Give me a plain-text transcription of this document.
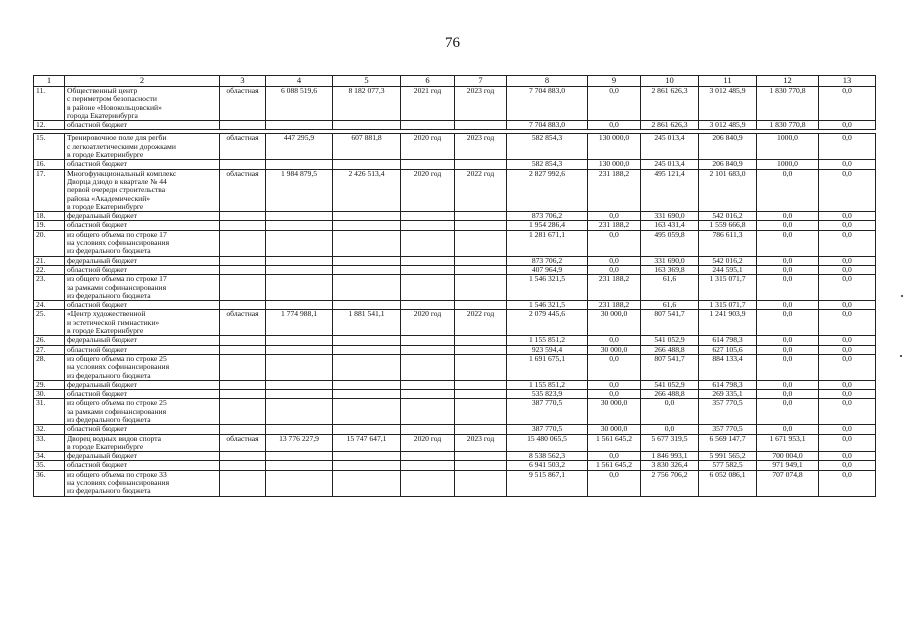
76
1	2	3	4	5	6	7	8	9	10	11	12	13
11.	Общественный центр
с периметром безопасности
в районе «Новокольцовский»
города Екатеринбурга	областная	6 088 519,6	8 182 077,3	2021 год	2023 год	7 704 883,0	0,0	2 861 626,3	3 012 485,9	1 830 770,8	0,0
12.	областной бюджет						7 704 883,0	0,0	2 861 626,3	3 012 485,9	1 830 770,8	0,0

15.	Тренировочное поле для регби
с легкоатлетическими дорожками
в городе Екатеринбурге	областная	447 295,9	607 881,8	2020 год	2023 год	582 854,3	130 000,0	245 013,4	206 840,9	1000,0	0,0
16.	областной бюджет						582 854,3	130 000,0	245 013,4	206 840,9	1000,0	0,0
17.	Многофункциональный комплекс
Дворца дзюдо в квартале № 44
первой очереди строительства
района «Академический»
в городе Екатеринбурге	областная	1 984 879,5	2 426 513,4	2020 год	2022 год	2 827 992,6	231 188,2	495 121,4	2 101 683,0	0,0	0,0
18.	федеральный бюджет						873 706,2	0,0	331 690,0	542 016,2	0,0	0,0
19.	областной бюджет						1 954 286,4	231 188,2	163 431,4	1 559 666,8	0,0	0,0
20.	из общего объема по строке 17
на условиях софинансирования
из федерального бюджета						1 281 671,1	0,0	495 059,8	786 611,3	0,0	0,0
21.	федеральный бюджет						873 706,2	0,0	331 690,0	542 016,2	0,0	0,0
22.	областной бюджет						407 964,9	0,0	163 369,8	244 595,1	0,0	0,0
23.	из общего объема по строке 17
за рамками софинансирования
из федерального бюджета						1 546 321,5	231 188,2	61,6	1 315 071,7	0,0	0,0
24.	областной бюджет						1 546 321,5	231 188,2	61,6	1 315 071,7	0,0	0,0
25.	«Центр художественной
и эстетической гимнастики»
в городе Екатеринбурге	областная	1 774 988,1	1 881 541,1	2020 год	2022 год	2 079 445,6	30 000,0	807 541,7	1 241 903,9	0,0	0,0
26.	федеральный бюджет						1 155 851,2	0,0	541 052,9	614 798,3	0,0	0,0
27.	областной бюджет						923 594,4	30 000,0	266 488,8	627 105,6	0,0	0,0
28.	из общего объема по строке 25
на условиях софинансирования
из федерального бюджета						1 691 675,1	0,0	807 541,7	884 133,4	0,0	0,0
29.	федеральный бюджет						1 155 851,2	0,0	541 052,9	614 798,3	0,0	0,0
30.	областной бюджет						535 823,9	0,0	266 488,8	269 335,1	0,0	0,0
31.	из общего объема по строке 25
за рамками софинансирования
из федерального бюджета						387 770,5	30 000,0	0,0	357 770,5	0,0	0,0
32.	областной бюджет						387 770,5	30 000,0	0,0	357 770,5	0,0	0,0
33.	Дворец водных видов спорта
в городе Екатеринбурге	областная	13 776 227,9	15 747 647,1	2020 год	2023 год	15 480 065,5	1 561 645,2	5 677 319,5	6 569 147,7	1 671 953,1	0,0
34.	федеральный бюджет						8 538 562,3	0,0	1 846 993,1	5 991 565,2	700 004,0	0,0
35.	областной бюджет						6 941 503,2	1 561 645,2	3 830 326,4	577 582,5	971 949,1	0,0
36.	из общего объема по строке 33
на условиях софинансирования
из федерального бюджета						9 515 867,1	0,0	2 756 706,2	6 052 086,1	707 074,8	0,0
